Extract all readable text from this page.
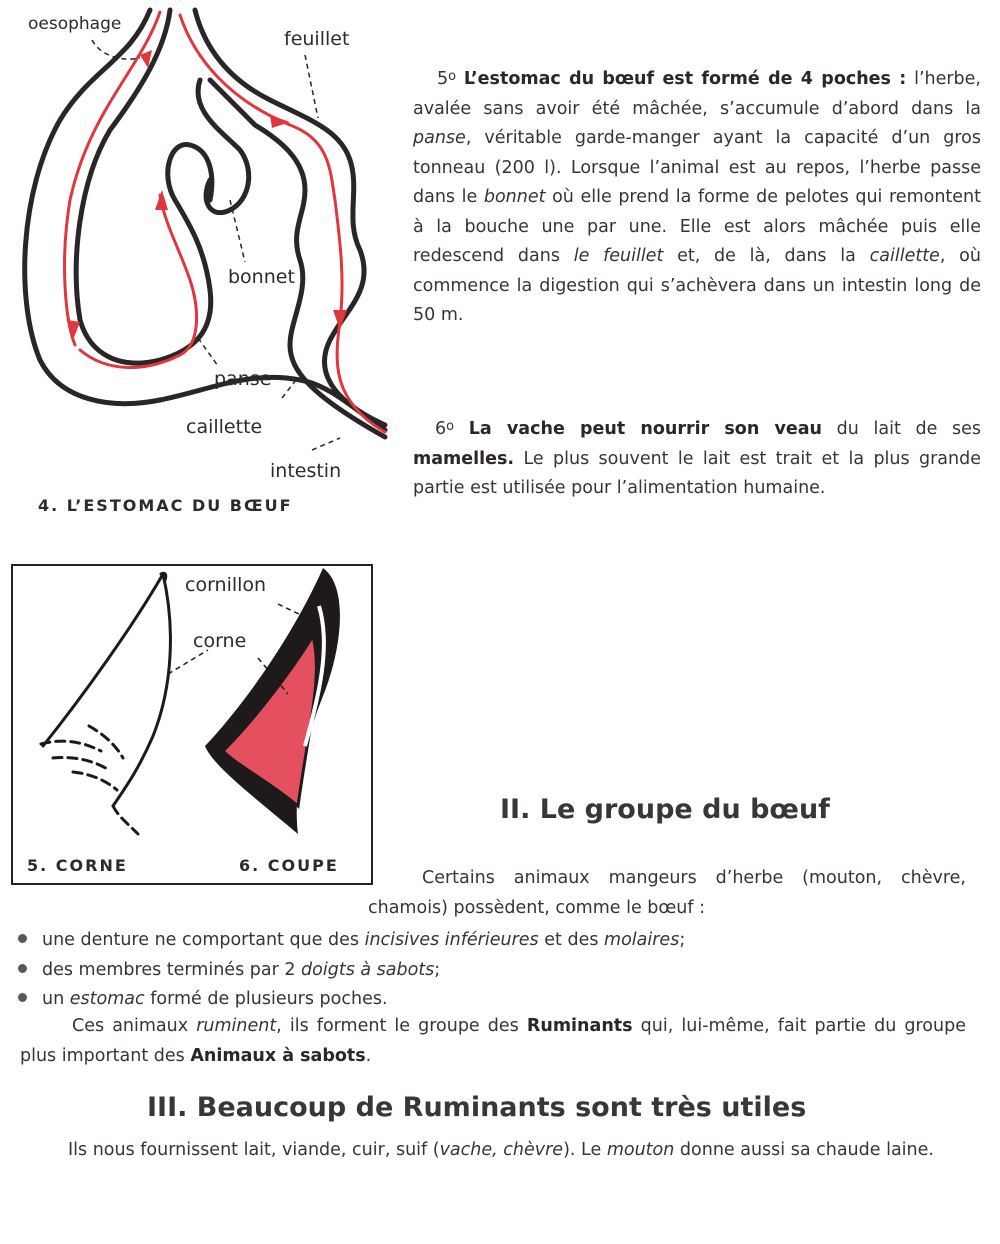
oesophage
feuillet
bonnet
panse
caillette
intestin
4. L’ESTOMAC DU BŒUF
5$^o$ L’estomac du bœuf est formé de 4 poches : l’herbe, avalée sans avoir été mâchée, s’accumule d’abord dans la panse, véritable garde-manger ayant la capacité d’un gros tonneau (200 l). Lorsque l’animal est au repos, l’herbe passe dans le bonnet où elle prend la forme de pelotes qui remontent à la bouche une par une. Elle est alors mâchée puis elle redescend dans le feuillet et, de là, dans la caillette, où commence la digestion qui s’achèvera dans un intestin long de 50 m.
6$^o$ La vache peut nourrir son veau du lait de ses mamelles. Le plus souvent le lait est trait et la plus grande partie est utilisée pour l’alimentation humaine.
cornillon
corne
5. CORNE	6. COUPE
II. Le groupe du bœuf
Certains animaux mangeurs d’herbe (mouton, chèvre, chamois) possèdent, comme le bœuf :
une denture ne comportant que des incisives inférieures et des molaires;
des membres terminés par 2 doigts à sabots;
un estomac formé de plusieurs poches.
Ces animaux ruminent, ils forment le groupe des Ruminants qui, lui-même, fait partie du groupe plus important des Animaux à sabots.
III. Beaucoup de Ruminants sont très utiles
Ils nous fournissent lait, viande, cuir, suif (vache, chèvre). Le mouton donne aussi sa chaude laine.
